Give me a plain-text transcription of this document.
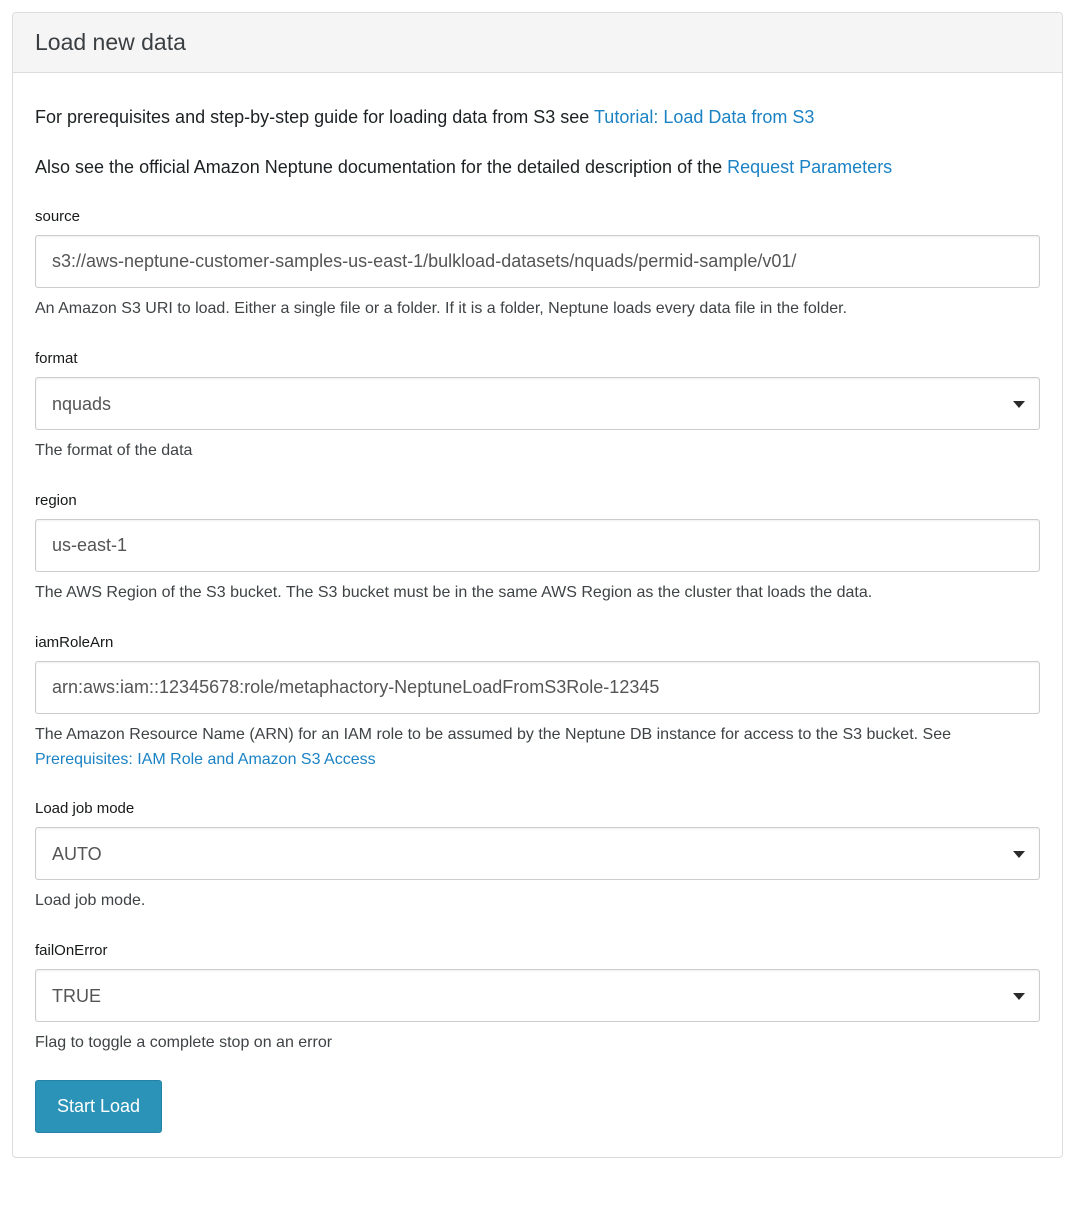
Load new data

For prerequisites and step-by-step guide for loading data from S3 see Tutorial: Load Data from S3

Also see the official Amazon Neptune documentation for the detailed description of the Request Parameters

source
s3://aws-neptune-customer-samples-us-east-1/bulkload-datasets/nquads/permid-sample/v01/
An Amazon S3 URI to load. Either a single file or a folder. If it is a folder, Neptune loads every data file in the folder.
format
nquads
The format of the data
region
us-east-1
The AWS Region of the S3 bucket. The S3 bucket must be in the same AWS Region as the cluster that loads the data.
iamRoleArn
arn:aws:iam::12345678:role/metaphactory-NeptuneLoadFromS3Role-12345
The Amazon Resource Name (ARN) for an IAM role to be assumed by the Neptune DB instance for access to the S3 bucket. See Prerequisites: IAM Role and Amazon S3 Access
Load job mode
AUTO
Load job mode.
failOnError
TRUE
Flag to toggle a complete stop on an error
Start Load
